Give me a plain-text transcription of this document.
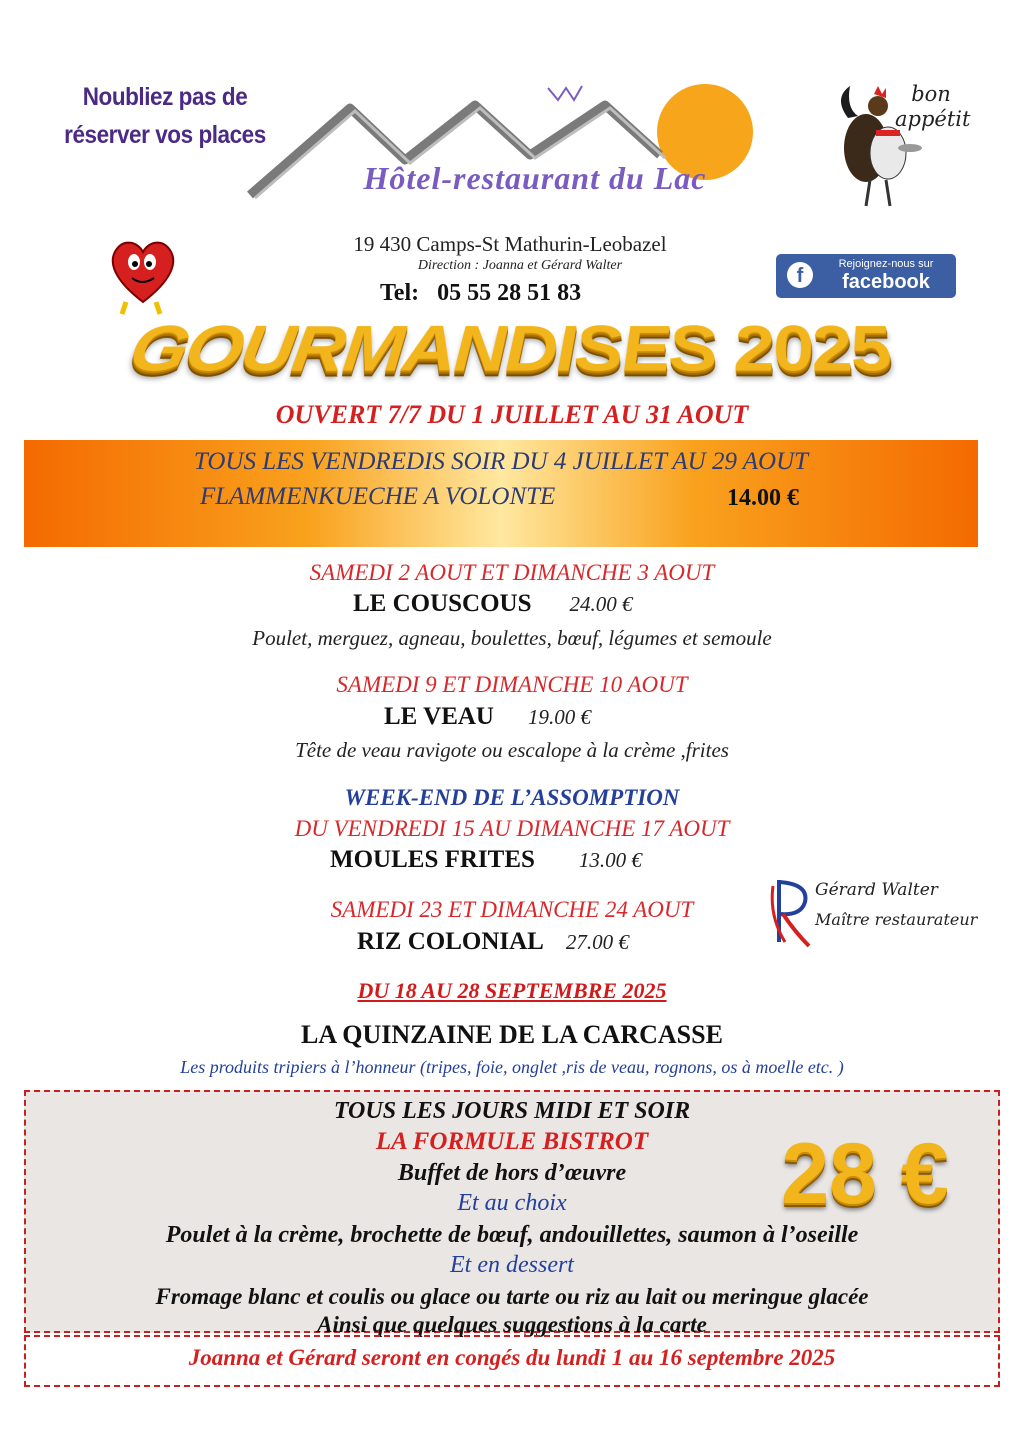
Noubliez pas de
réserver vos places
Hôtel-restaurant du Lac
bon
appétit
19 430 Camps-St Mathurin-Leobazel
Direction : Joanna et Gérard Walter
Tel: 05 55 28 51 83
f
Rejoignez-nous sur
facebook
GOURMANDISES 2025
OUVERT 7/7 DU 1 JUILLET AU 31 AOUT
TOUS LES VENDREDIS SOIR DU 4 JUILLET AU 29 AOUT
FLAMMENKUECHE A VOLONTE	14.00 €
SAMEDI 2 AOUT ET DIMANCHE 3 AOUT
LE COUSCOUS 24.00 €
Poulet, merguez, agneau, boulettes, bœuf, légumes et semoule
SAMEDI 9 ET DIMANCHE 10 AOUT
LE VEAU 19.00 €
Tête de veau ravigote ou escalope à la crème ,frites
WEEK-END DE L’ASSOMPTION
DU VENDREDI 15 AU DIMANCHE 17 AOUT
MOULES FRITES 13.00 €
SAMEDI 23 ET DIMANCHE 24 AOUT
RIZ COLONIAL 27.00 €
Gérard Walter
Maître restaurateur
DU 18 AU 28 SEPTEMBRE 2025
LA QUINZAINE DE LA CARCASSE
Les produits tripiers à l’honneur (tripes, foie, onglet ,ris de veau, rognons, os à moelle etc. )
TOUS LES JOURS MIDI ET SOIR
LA FORMULE BISTROT
Buffet de hors d’œuvre
Et au choix
Poulet à la crème, brochette de bœuf, andouillettes, saumon à l’oseille
Et en dessert
Fromage blanc et coulis ou glace ou tarte ou riz au lait ou meringue glacée
Ainsi que quelques suggestions à la carte
28 €
Joanna et Gérard seront en congés du lundi 1 au 16 septembre 2025
